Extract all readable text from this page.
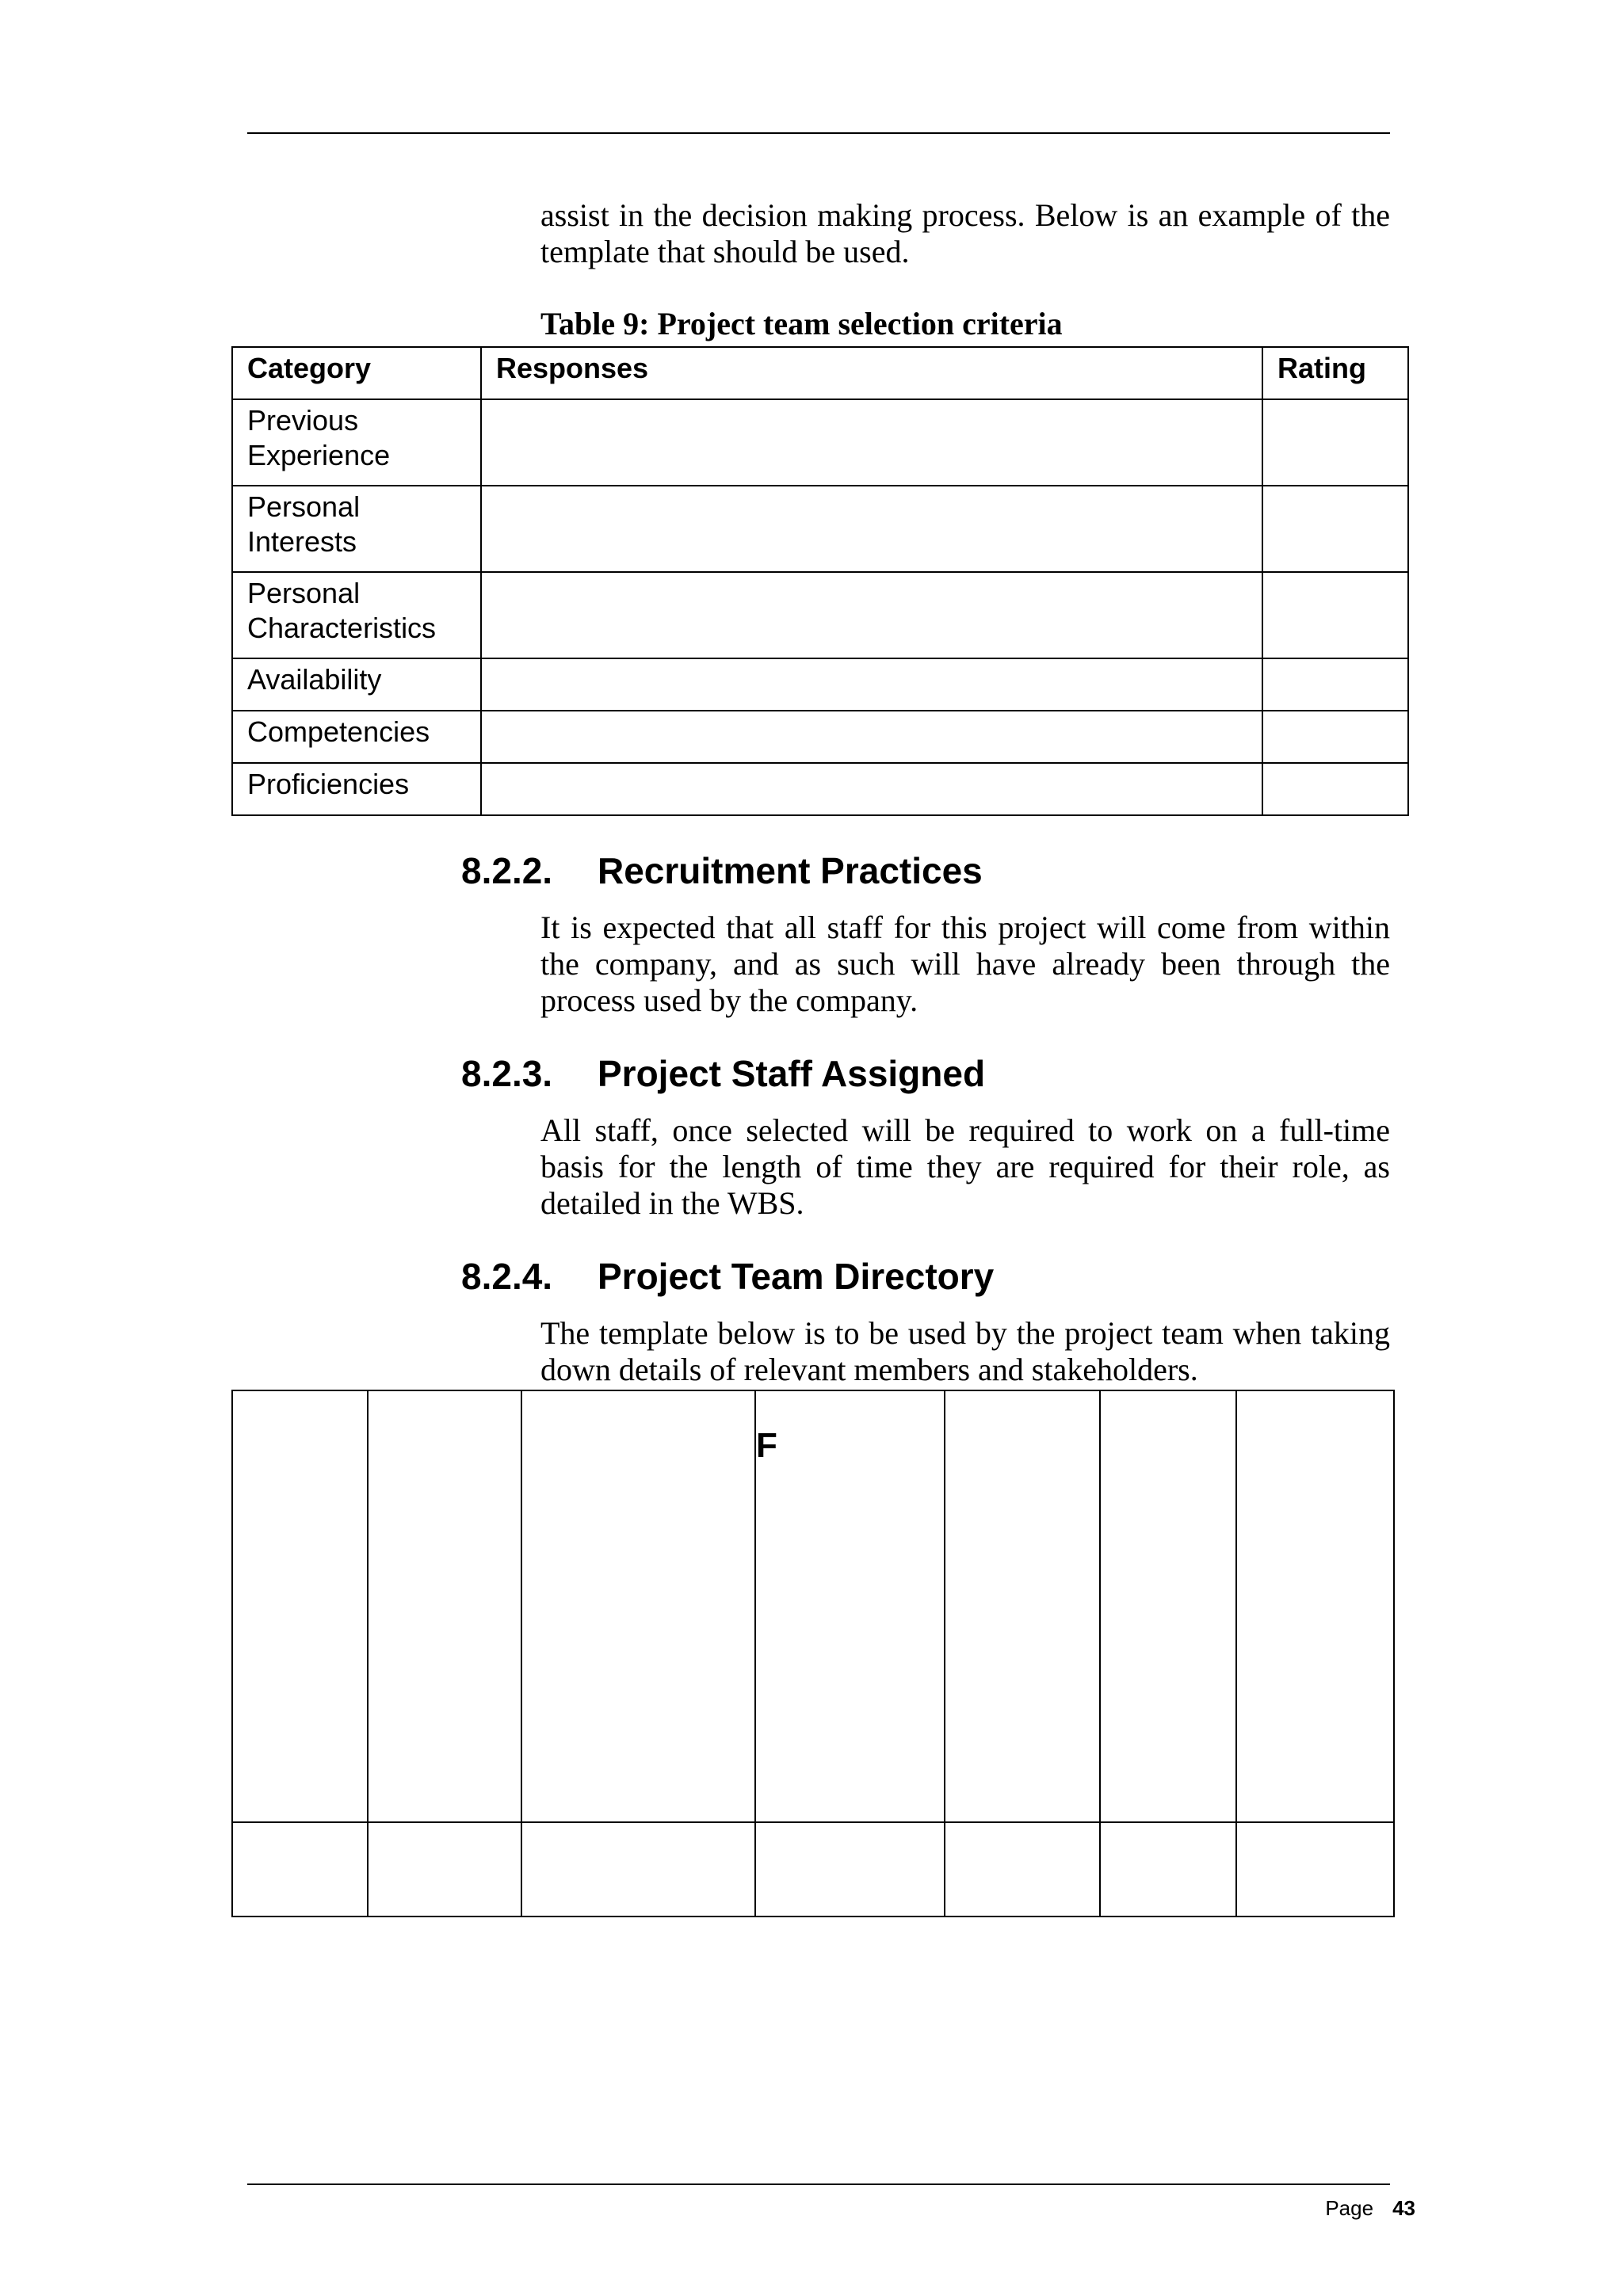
assist in the decision making process. Below is an example of the template that should be used.

Table 9: Project team selection criteria

Category	Responses	Rating
Previous Experience		
Personal Interests		
Personal Characteristics		
Availability		
Competencies		
Proficiencies		
8.2.2. Recruitment Practices

It is expected that all staff for this project will come from within the company, and as such will have already been through the process used by the company.

8.2.3. Project Staff Assigned

All staff, once selected will be required to work on a full-time basis for the length of time they are required for their role, as detailed in the WBS.

8.2.4. Project Team Directory

The template below is to be used by the project team when taking down details of relevant members and stakeholders.

			F			

Page 43
